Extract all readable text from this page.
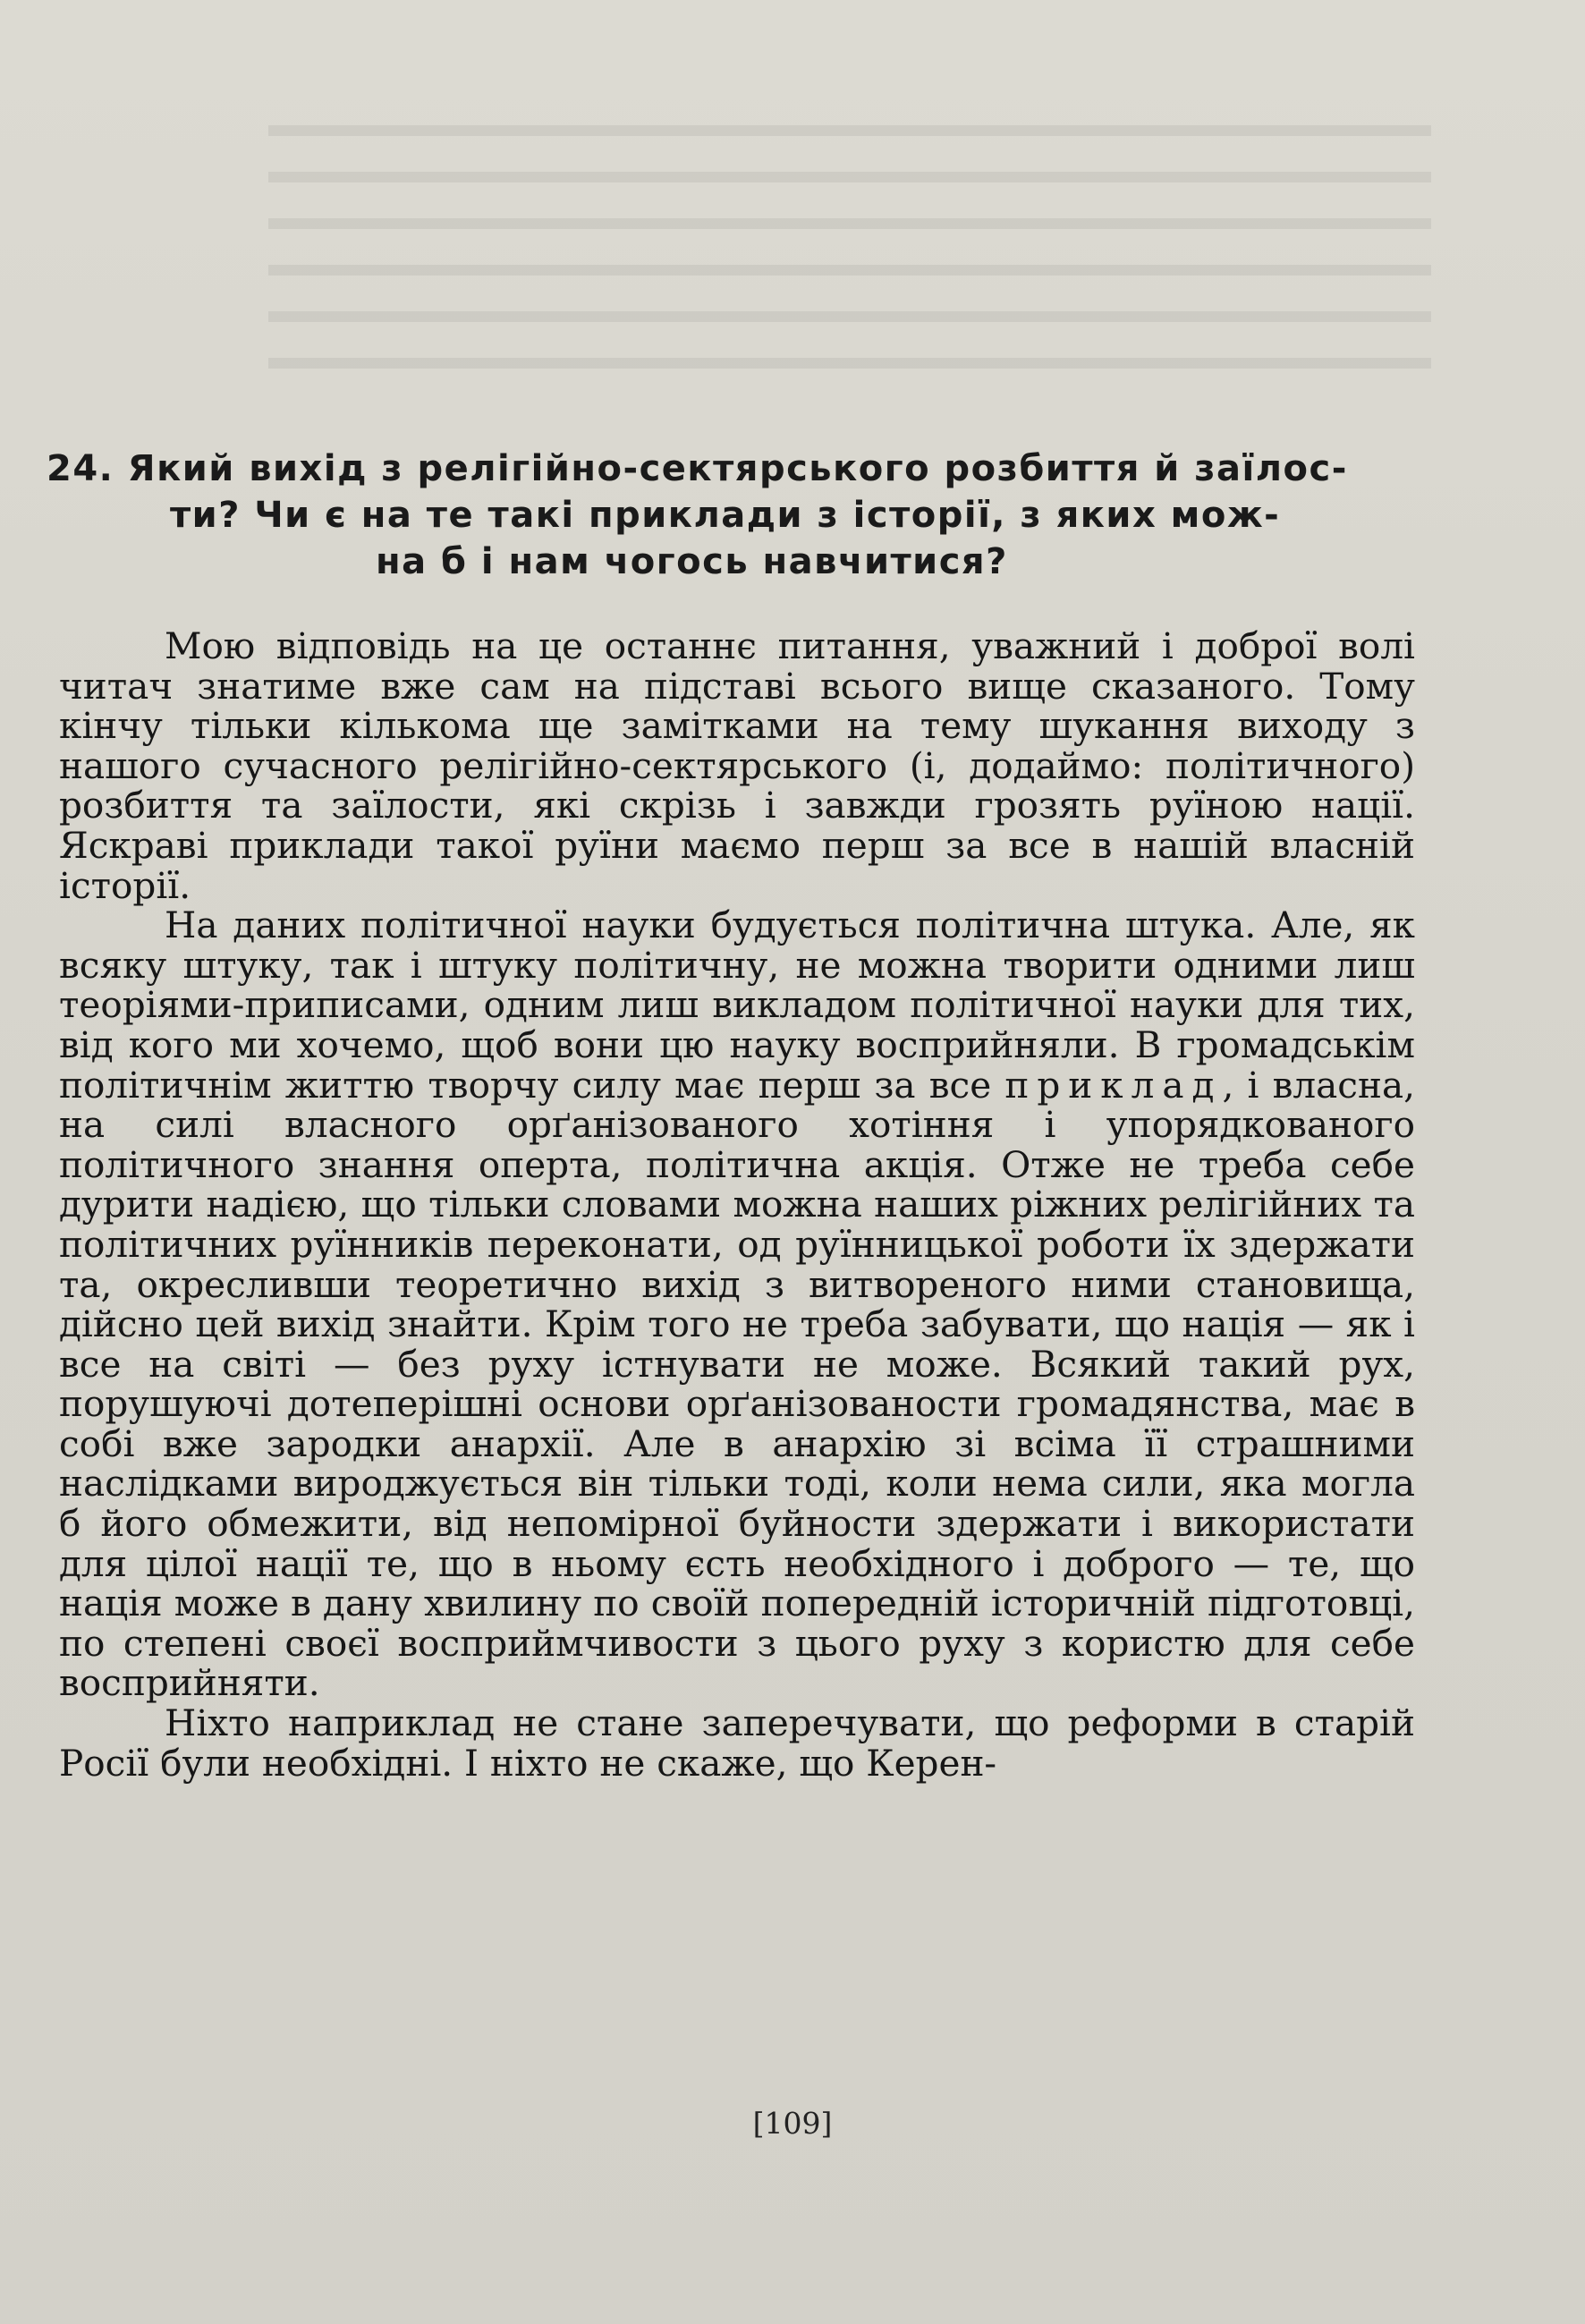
24. Який вихід з релігійно-сектярського розбиття й заїлос-
ти? Чи є на те такі приклади з історії, з яких мож-
на б і нам чогось навчитися?

Мою відповідь на це останнє питання, уважний і доброї волі читач знатиме вже сам на підставі всього вище сказаного. Тому кінчу тільки кількома ще замітками на тему шукання виходу з нашого сучасного релігійно-сектярського (і, додаймо: політичного) розбиття та заїлости, які скрізь і завжди грозять руїною нації. Яскраві приклади такої руїни маємо перш за все в нашій власній історії.

На даних політичної науки будується політична штука. Але, як всяку штуку, так і штуку політичну, не можна творити одними лиш теоріями-приписами, одним лиш викладом політичної науки для тих, від кого ми хочемо, щоб вони цю науку восприйняли. В громадськім політичнім життю творчу силу має перш за все приклад, і власна, на силі власного орґанізованого хотіння і упорядкованого політичного знання оперта, політична акція. Отже не треба себе дурити надією, що тільки словами можна наших ріжних релігійних та політичних руїнників переконати, од руїнницької роботи їх здержати та, окресливши теоретично вихід з витвореного ними становища, дійсно цей вихід знайти. Крім того не треба забувати, що нація — як і все на світі — без руху істнувати не може. Всякий такий рух, порушуючі дотеперішні основи орґанізованости громадянства, має в собі вже зародки анархії. Але в анархію зі всіма її страшними наслідками вироджується він тільки тоді, коли нема сили, яка могла б його обмежити, від непомірної буйности здержати і використати для цілої нації те, що в ньому єсть необхідного і доброго — те, що нація може в дану хвилину по своїй попередній історичній підготовці, по степені своєї восприймчивости з цього руху з користю для себе восприйняти.

Ніхто наприклад не стане заперечувати, що реформи в старій Росії були необхідні. І ніхто не скаже, що Керен-

[109]
